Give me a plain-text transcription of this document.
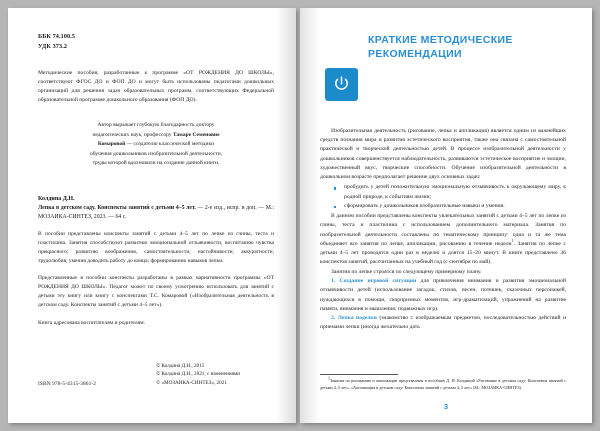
ББК 74.100.5
УДК 373.2

Методические пособия, разработанные к программе «ОТ РОЖДЕНИЯ ДО ШКОЛЫ», соответствуют ФГОС ДО и ФОП ДО и могут быть использованы педагогами дошкольных организаций для решения задач образовательных программ, соответствующих Федеральной образовательной программе дошкольного образования (ФОП ДО).

Автор выражает глубокую благодарность доктору
педагогических наук, профессору Тамаре Семеновне
Комаровой — создателю классической методики
обучения дошкольников изобразительной деятельности,
труды которой вдохновили на создание данной книги.
Колдина Д.Н.
Лепка в детском саду. Конспекты занятий с детьми 4–5 лет. — 2-е изд., испр. и доп. — М.: МОЗАИКА-СИНТЕЗ, 2023. — 64 с.

В пособии представлены конспекты занятий с детьми 4–5 лет по лепке из глины, теста и пластилина. Занятия способствуют развитию эмоциональной отзывчивости, воспитанию чувства прекрасного; развитию воображения, самостоятельности, настойчивости, аккуратности, трудолюбия, умения доводить работу до конца; формированию навыков лепки.

Представленные в пособии конспекты разработаны в рамках вариативности программы «ОТ РОЖДЕНИЯ ДО ШКОЛЫ». Педагог может по своему усмотрению использовать для занятий с детьми эту книгу или книгу с конспектами Т.С. Комаровой («Изобразительная деятельность в детском саду. Конспекты занятий с детьми 4–5 лет»).

Книга адресована воспитателям и родителям.

ISBN 978-5-4315-3861-2
© Колдина Д.Н., 2015
© Колдина Д.Н., 2021, с изменениями
© «МОЗАИКА-СИНТЕЗ», 2021
КРАТКИЕ МЕТОДИЧЕСКИЕ
РЕКОМЕНДАЦИИ

Изобразительная деятельность (рисование, лепка и аппликация) является одним из важнейших средств познания мира и развития эстетического восприятия, также она связана с самостоятельной практической и творческой деятельностью детей. В процессе изобразительной деятельности у дошкольников совершенствуется наблюдательность, развиваются эстетическое восприятие и эмоции, художественный вкус, творческие способности. Обучение изобразительной деятельности в дошкольном возрасте предполагает решение двух основных задач:

пробудить у детей положительную эмоциональную отзывчивость к окружающему миру, к родной природе, к событиям жизни;
сформировать у дошкольников изобразительные навыки и умения.

В данном пособии представлены конспекты увлекательных занятий с детьми 4–5 лет по лепке из глины, теста и пластилина с использованием дополнительного материала. Занятия по изобразительной деятельности составлены по тематическому принципу: одна и та же тема объединяет все занятия по лепке, аппликации, рисованию в течение недели$^1$. Занятия по лепке с детьми 4–5 лет проводятся один раз в неделю и длятся 15–20 минут. В книге представлено 36 конспектов занятий, рассчитанных на учебный год (с сентября по май).

Занятия по лепке строятся по следующему примерному плану.

1. Создание игровой ситуации для привлечения внимания и развития эмоциональной отзывчивости детей (использование загадок, стихов, песен, потешек, сказочных персонажей, нуждающихся в помощи, скорпризных моментов, игр-драматизаций, упражнений на развитие памяти, внимания и мышления; подвижных игр).

2. Лепка поделки (знакомство с изображаемым предметом, последовательностью действий и приемами лепки (иногда желательно дать

$^1$Занятия по рисованию и аппликации представлены в пособиях Д. Н. Колдиной «Рисование в детском саду: Конспекты занятий с детьми 4–5 лет», «Аппликация в детском саду: Конспекты занятий с детьми 4–5 лет» (М.: МОЗАИКА-СИНТЕЗ).

3
